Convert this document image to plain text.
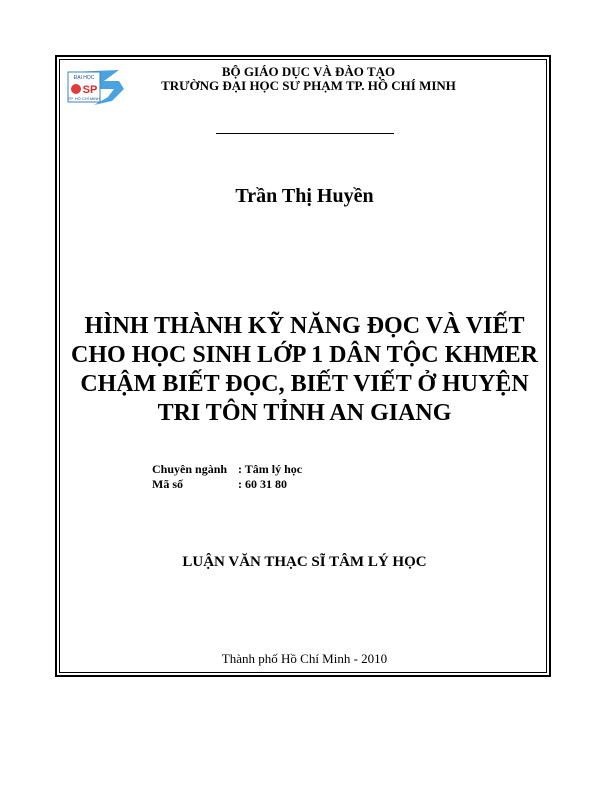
ĐẠI HỌC
SP
TP. HỒ CHÍ MINH
BỘ GIÁO DỤC VÀ ĐÀO TẠO
TRƯỜNG ĐẠI HỌC SƯ PHẠM TP. HỒ CHÍ MINH
Trần Thị Huyền
HÌNH THÀNH KỸ NĂNG ĐỌC VÀ VIẾT
CHO HỌC SINH LỚP 1 DÂN TỘC KHMER
CHẬM BIẾT ĐỌC, BIẾT VIẾT Ở HUYỆN
TRI TÔN TỈNH AN GIANG
Chuyên ngành : Tâm lý học
Mã số	: 60 31 80
LUẬN VĂN THẠC SĨ TÂM LÝ HỌC
Thành phố Hồ Chí Minh - 2010
